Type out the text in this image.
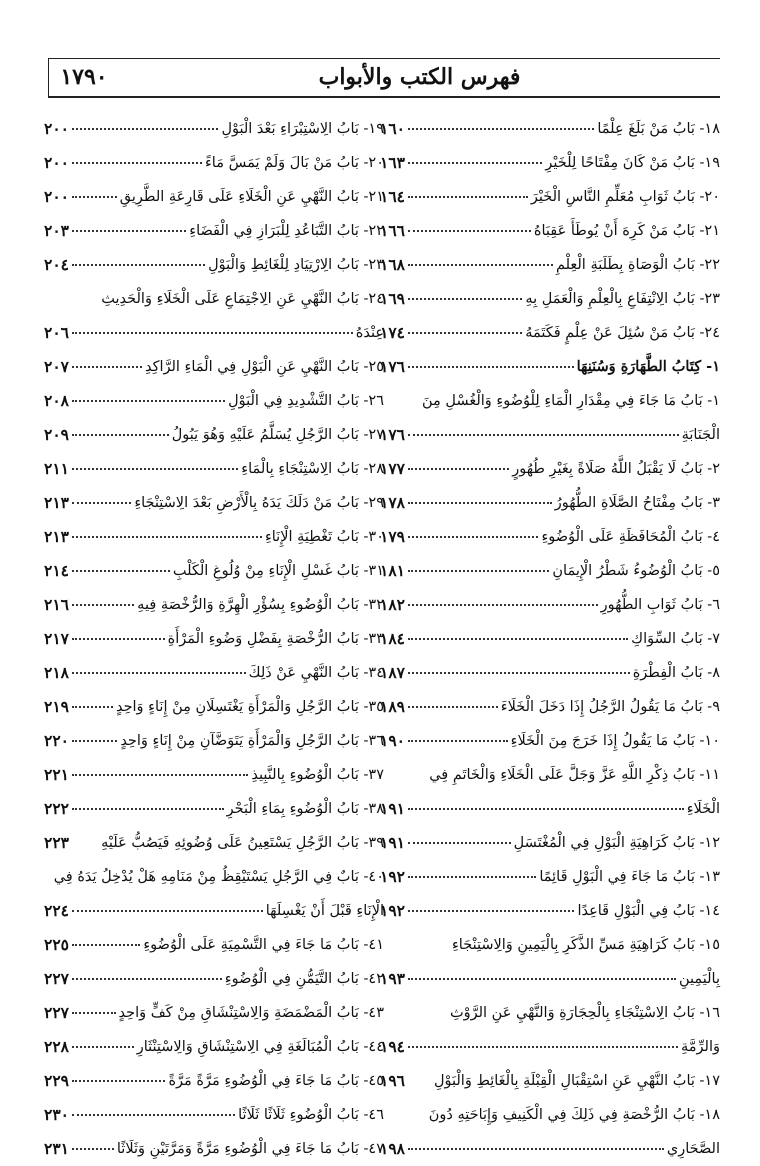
١٧٩٠	فهرس الكتب والأبواب
١٨- بَابُ مَنْ بَلَغَ عِلْمًا
١٦٠
١٩- بَابُ مَنْ كَانَ مِفْتَاحًا لِلْخَيْرِ
١٦٣
٢٠- بَابُ ثَوَابِ مُعَلِّمِ النَّاسِ الْخَيْرَ
١٦٤
٢١- بَابُ مَنْ كَرِهَ أَنْ يُوطَأَ عَقِبَاهُ
١٦٦
٢٢- بَابُ الْوَصَاةِ بِطَلَبَةِ الْعِلْمِ
١٦٨
٢٣- بَابُ الِانْتِفَاعِ بِالْعِلْمِ وَالْعَمَلِ بِهِ
١٦٩
٢٤- بَابُ مَنْ سُئِلَ عَنْ عِلْمٍ فَكَتَمَهُ
١٧٤
١- كِتَابُ الطَّهَارَةِ وَسُنَنِهَا
١٧٦
١- بَابُ مَا جَاءَ فِي مِقْدَارِ الْمَاءِ لِلْوُضُوءِ وَالْغُسْلِ مِنَ
الْجَنَابَةِ
١٧٦
٢- بَابُ لَا يَقْبَلُ اللَّهُ صَلَاةً بِغَيْرِ طُهُورٍ
١٧٧
٣- بَابُ مِفْتَاحُ الصَّلَاةِ الطُّهُورُ
١٧٨
٤- بَابُ الْمُحَافَظَةِ عَلَى الْوُضُوءِ
١٧٩
٥- بَابُ الْوُضُوءُ شَطْرُ الْإِيمَانِ
١٨١
٦- بَابُ ثَوَابِ الطُّهُورِ
١٨٢
٧- بَابُ السِّوَاكِ
١٨٤
٨- بَابُ الْفِطْرَةِ
١٨٧
٩- بَابُ مَا يَقُولُ الرَّجُلُ إِذَا دَخَلَ الْخَلَاءَ
١٨٩
١٠- بَابُ مَا يَقُولُ إِذَا خَرَجَ مِنَ الْخَلَاءِ
١٩٠
١١- بَابُ ذِكْرِ اللَّهِ عَزَّ وَجَلَّ عَلَى الْخَلَاءِ وَالْخَاتَمِ فِي
الْخَلَاءِ
١٩١
١٢- بَابُ كَرَاهِيَةِ الْبَوْلِ فِي الْمُغْتَسَلِ
١٩١
١٣- بَابُ مَا جَاءَ فِي الْبَوْلِ قَائِمًا
١٩٢
١٤- بَابُ فِي الْبَوْلِ قَاعِدًا
١٩٢
١٥- بَابُ كَرَاهِيَةِ مَسِّ الذَّكَرِ بِالْيَمِينِ وَالِاسْتِنْجَاءِ
بِالْيَمِينِ
١٩٣
١٦- بَابُ الِاسْتِنْجَاءِ بِالْحِجَارَةِ وَالنَّهْيِ عَنِ الرَّوْثِ
وَالرِّمَّةِ
١٩٤
١٧- بَابُ النَّهْيِ عَنِ اسْتِقْبَالِ الْقِبْلَةِ بِالْغَائِطِ وَالْبَوْلِ
١٩٦
١٨- بَابُ الرُّخْصَةِ فِي ذَلِكَ فِي الْكَنِيفِ وَإِبَاحَتِهِ دُونَ
الصَّحَارِي
١٩٨
١٩- بَابُ الِاسْتِبْرَاءِ بَعْدَ الْبَوْلِ
٢٠٠
٢٠- بَابُ مَنْ بَالَ وَلَمْ يَمَسَّ مَاءً
٢٠٠
٢١- بَابُ النَّهْيِ عَنِ الْخَلَاءِ عَلَى قَارِعَةِ الطَّرِيقِ
٢٠٠
٢٢- بَابُ التَّبَاعُدِ لِلْبَرَازِ فِي الْفَضَاءِ
٢٠٣
٢٣- بَابُ الِارْتِيَادِ لِلْغَائِطِ وَالْبَوْلِ
٢٠٤
٢٤- بَابُ النَّهْيِ عَنِ الِاجْتِمَاعِ عَلَى الْخَلَاءِ وَالْحَدِيثِ
عِنْدَهُ
٢٠٦
٢٥- بَابُ النَّهْيِ عَنِ الْبَوْلِ فِي الْمَاءِ الرَّاكِدِ
٢٠٧
٢٦- بَابُ التَّشْدِيدِ فِي الْبَوْلِ
٢٠٨
٢٧- بَابُ الرَّجُلِ يُسَلَّمُ عَلَيْهِ وَهُوَ يَبُولُ
٢٠٩
٢٨- بَابُ الِاسْتِنْجَاءِ بِالْمَاءِ
٢١١
٢٩- بَابُ مَنْ دَلَكَ يَدَهُ بِالْأَرْضِ بَعْدَ الِاسْتِنْجَاءِ
٢١٣
٣٠- بَابُ تَغْطِيَةِ الْإِنَاءِ
٢١٣
٣١- بَابُ غَسْلِ الْإِنَاءِ مِنْ وُلُوغِ الْكَلْبِ
٢١٤
٣٢- بَابُ الْوُضُوءِ بِسُؤْرِ الْهِرَّةِ وَالرُّخْصَةِ فِيهِ
٢١٦
٣٣- بَابُ الرُّخْصَةِ بِفَضْلِ وَضُوءِ الْمَرْأَةِ
٢١٧
٣٤- بَابُ النَّهْيِ عَنْ ذَلِكَ
٢١٨
٣٥- بَابُ الرَّجُلِ وَالْمَرْأَةِ يَغْتَسِلَانِ مِنْ إِنَاءٍ وَاحِدٍ
٢١٩
٣٦- بَابُ الرَّجُلِ وَالْمَرْأَةِ يَتَوَضَّآنِ مِنْ إِنَاءٍ وَاحِدٍ
٢٢٠
٣٧- بَابُ الْوُضُوءِ بِالنَّبِيذِ
٢٢١
٣٨- بَابُ الْوُضُوءِ بِمَاءِ الْبَحْرِ
٢٢٢
٣٩- بَابُ الرَّجُلِ يَسْتَعِينُ عَلَى وُضُوئِهِ فَيَصُبُّ عَلَيْهِ
٢٢٣
٤٠- بَابٌ فِي الرَّجُلِ يَسْتَيْقِظُ مِنْ مَنَامِهِ هَلْ يُدْخِلُ يَدَهُ فِي
الْإِنَاءِ قَبْلَ أَنْ يَغْسِلَهَا
٢٢٤
٤١- بَابُ مَا جَاءَ فِي التَّسْمِيَةِ عَلَى الْوُضُوءِ
٢٢٥
٤٢- بَابُ التَّيَمُّنِ فِي الْوُضُوءِ
٢٢٧
٤٣- بَابُ الْمَضْمَضَةِ وَالِاسْتِنْشَاقِ مِنْ كَفٍّ وَاحِدٍ
٢٢٧
٤٤- بَابُ الْمُبَالَغَةِ فِي الِاسْتِنْشَاقِ وَالِاسْتِنْثَارِ
٢٢٨
٤٥- بَابُ مَا جَاءَ فِي الْوُضُوءِ مَرَّةً مَرَّةً
٢٢٩
٤٦- بَابُ الْوُضُوءِ ثَلَاثًا ثَلَاثًا
٢٣٠
٤٧- بَابُ مَا جَاءَ فِي الْوُضُوءِ مَرَّةً وَمَرَّتَيْنِ وَثَلَاثًا
٢٣١
